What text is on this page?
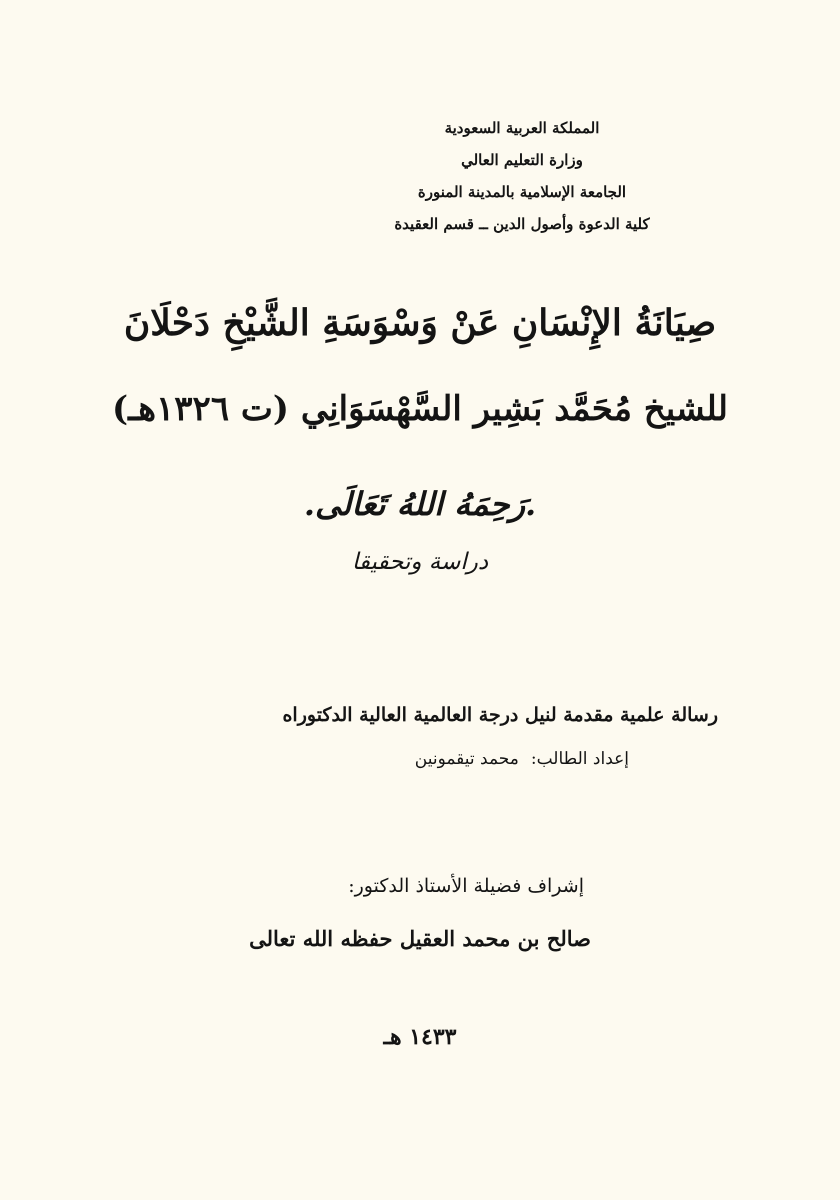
المملكة العربية السعودية
وزارة التعليم العالي
الجامعة الإسلامية بالمدينة المنورة
كلية الدعوة وأصول الدين ــ قسم العقيدة
صِيَانَةُ الإِنْسَانِ عَنْ وَسْوَسَةِ الشَّيْخِ دَحْلَانَ
للشيخ مُحَمَّد بَشِير السَّهْسَوَانِي (ت ١٣٢٦هـ)
.رَحِمَهُ اللهُ تَعَالَى.
دراسة وتحقيقا
رسالة علمية مقدمة لنيل درجة العالمية العالية الدكتوراه
إعداد الطالب:محمد تيقمونين
إشراف فضيلة الأستاذ الدكتور:
صالح بن محمد العقيل حفظه الله تعالى
١٤٣٣ هـ
